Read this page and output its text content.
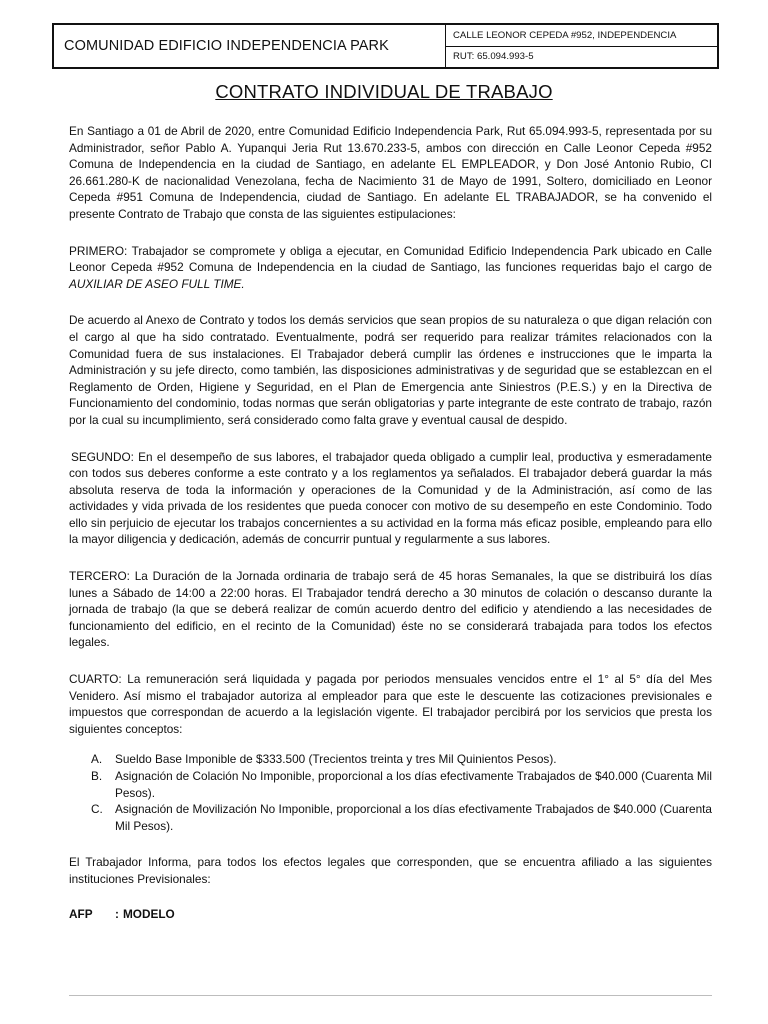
COMUNIDAD EDIFICIO INDEPENDENCIA PARK
CALLE LEONOR CEPEDA #952, INDEPENDENCIA
RUT: 65.094.993-5
CONTRATO INDIVIDUAL DE TRABAJO

En Santiago a 01 de Abril de 2020, entre Comunidad Edificio Independencia Park, Rut 65.094.993-5, representada por su Administrador, señor Pablo A. Yupanqui Jeria Rut 13.670.233-5, ambos con dirección en Calle Leonor Cepeda #952 Comuna de Independencia en la ciudad de Santiago, en adelante EL EMPLEADOR, y Don José Antonio Rubio, CI 26.661.280-K de nacionalidad Venezolana, fecha de Nacimiento 31 de Mayo de 1991, Soltero, domiciliado en Leonor Cepeda #951 Comuna de Independencia, ciudad de Santiago. En adelante EL TRABAJADOR, se ha convenido el presente Contrato de Trabajo que consta de las siguientes estipulaciones:

PRIMERO: Trabajador se compromete y obliga a ejecutar, en Comunidad Edificio Independencia Park ubicado en Calle Leonor Cepeda #952 Comuna de Independencia en la ciudad de Santiago, las funciones requeridas bajo el cargo de AUXILIAR DE ASEO FULL TIME.

De acuerdo al Anexo de Contrato y todos los demás servicios que sean propios de su naturaleza o que digan relación con el cargo al que ha sido contratado. Eventualmente, podrá ser requerido para realizar trámites relacionados con la Comunidad fuera de sus instalaciones. El Trabajador deberá cumplir las órdenes e instrucciones que le imparta la Administración y su jefe directo, como también, las disposiciones administrativas y de seguridad que se establezcan en el Reglamento de Orden, Higiene y Seguridad, en el Plan de Emergencia ante Siniestros (P.E.S.) y en la Directiva de Funcionamiento del condominio, todas normas que serán obligatorias y parte integrante de este contrato de trabajo, razón por la cual su incumplimiento, será considerado como falta grave y eventual causal de despido.

SEGUNDO: En el desempeño de sus labores, el trabajador queda obligado a cumplir leal, productiva y esmeradamente con todos sus deberes conforme a este contrato y a los reglamentos ya señalados. El trabajador deberá guardar la más absoluta reserva de toda la información y operaciones de la Comunidad y de la Administración, así como de las actividades y vida privada de los residentes que pueda conocer con motivo de su desempeño en este Condominio. Todo ello sin perjuicio de ejecutar los trabajos concernientes a su actividad en la forma más eficaz posible, empleando para ello la mayor diligencia y dedicación, además de concurrir puntual y regularmente a sus labores.

TERCERO: La Duración de la Jornada ordinaria de trabajo será de 45 horas Semanales, la que se distribuirá los días lunes a Sábado de 14:00 a 22:00 horas. El Trabajador tendrá derecho a 30 minutos de colación o descanso durante la jornada de trabajo (la que se deberá realizar de común acuerdo dentro del edificio y atendiendo a las necesidades de funcionamiento del edificio, en el recinto de la Comunidad) éste no se considerará trabajada para todos los efectos legales.

CUARTO: La remuneración será liquidada y pagada por periodos mensuales vencidos entre el 1° al 5° día del Mes Venidero. Así mismo el trabajador autoriza al empleador para que este le descuente las cotizaciones previsionales e impuestos que correspondan de acuerdo a la legislación vigente. El trabajador percibirá por los servicios que presta los siguientes conceptos:

A.	Sueldo Base Imponible de $333.500 (Trecientos treinta y tres Mil Quinientos Pesos).
B.	Asignación de Colación No Imponible, proporcional a los días efectivamente Trabajados de $40.000 (Cuarenta Mil Pesos).
C.	Asignación de Movilización No Imponible, proporcional a los días efectivamente Trabajados de $40.000 (Cuarenta Mil Pesos).

El Trabajador Informa, para todos los efectos legales que corresponden, que se encuentra afiliado a las siguientes instituciones Previsionales:

AFP	: MODELO
